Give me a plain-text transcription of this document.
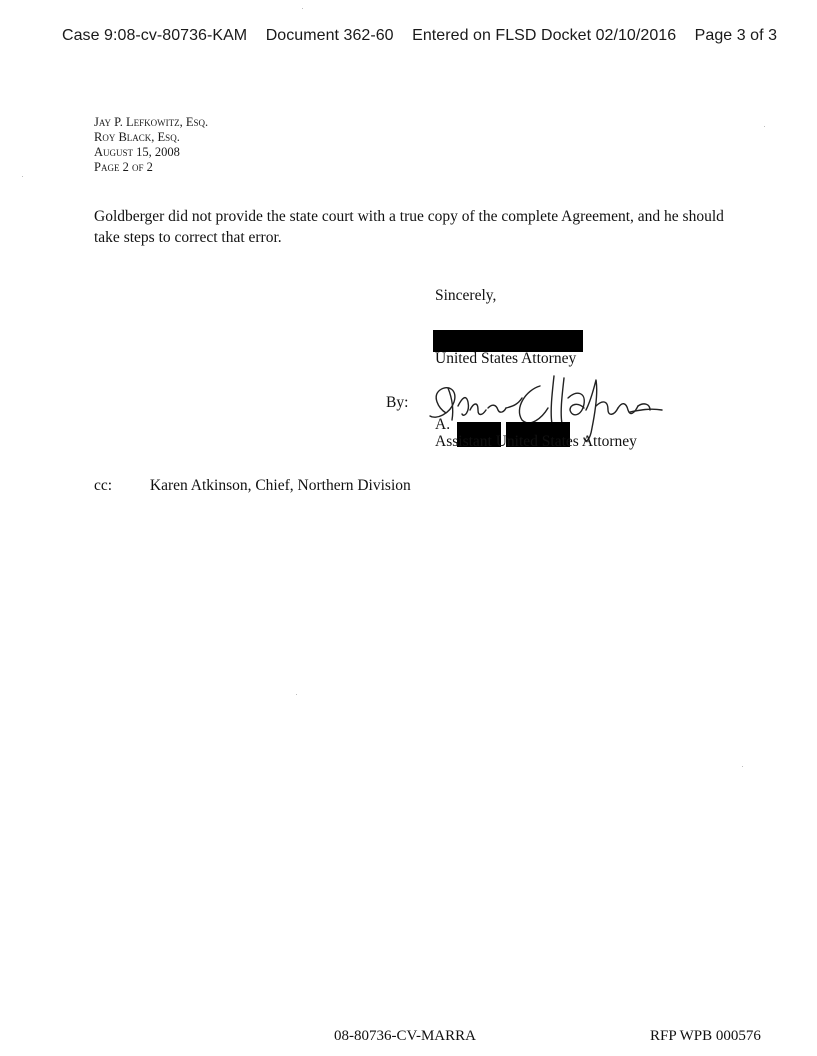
Case 9:08-cv-80736-KAM Document 362-60 Entered on FLSD Docket 02/10/2016 Page 3 of 3
Jay P. Lefkowitz, Esq.
Roy Black, Esq.
August 15, 2008
Page 2 of 2
Goldberger did not provide the state court with a true copy of the complete Agreement, and he should take steps to correct that error.
Sincerely,
United States Attorney
By:
A.
Assistant United States Attorney
cc: Karen Atkinson, Chief, Northern Division
08-80736-CV-MARRA	RFP WPB 000576
